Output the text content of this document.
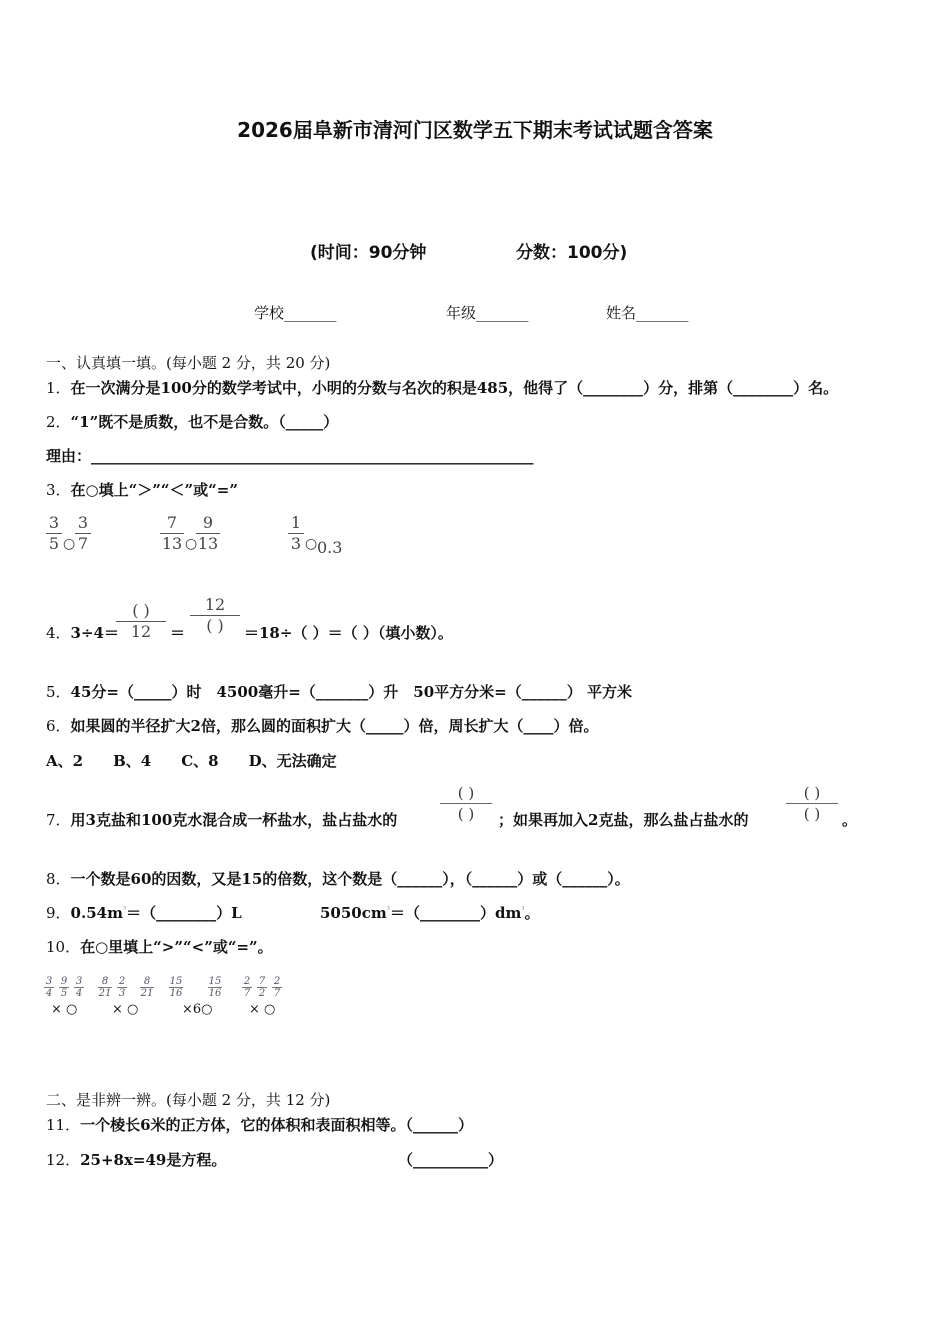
2026届阜新市清河门区数学五下期末考试试题含答案
(时间：90分钟	分数：100分)
学校_______	年级_______	姓名_______
一、认真填一填。(每小题 2 分，共 20 分)
1．在一次满分是100分的数学考试中，小明的分数与名次的积是485，他得了（________）分，排第（________）名。
2．“1”既不是质数，也不是合数。（_____）
理由：___________________________________________________________
3．在○填上“＞”“＜”或“=”
$\frac{3}{5}$ ○ $\frac{3}{7}$	$\frac{7}{13}$ ○
$\frac{9}{13}$	$\frac{1}{3}$ ○ 0.3
4．3÷4＝
( )
12	＝
12
( )	＝18÷（ ）＝（ ）（填小数）。
5．45分=（_____）时　4500毫升=（_______）升　50平方分米=（______） 平方米
6．如果圆的半径扩大2倍，那么圆的面积扩大（_____）倍，周长扩大（____）倍。
A、2　　B、4　　C、8　　D、无法确定
7．用3克盐和100克水混合成一杯盐水，盐占盐水的
( )
( )	；如果再加入2克盐，那么盐占盐水的
( )
( )	。
8．一个数是60的因数，又是15的倍数，这个数是（______），（______）或（______）。
9．$0.54m^{^3}=(\_\_\_\_\_\_\_\_)L$	$5050cm^{^3}=(\_\_\_\_\_\_\_\_)dm^{^3}$。
10．在○里填上“>”“<”或“=”。
$\frac{3}{4} \frac{9}{5} \frac{3}{4}$
× ○
$\frac{8}{21} \frac{2}{3} \frac{8}{21}$
× ○
$\frac{15}{16}$	$\frac{15}{16}$
×6○
$\frac{2}{7} \frac{7}{2} \frac{2}{7}$
× ○
二、是非辨一辨。(每小题 2 分，共 12 分)
11．一个棱长6米的正方体，它的体积和表面积相等。（______）
12．25+8x=49是方程。	（__________）
